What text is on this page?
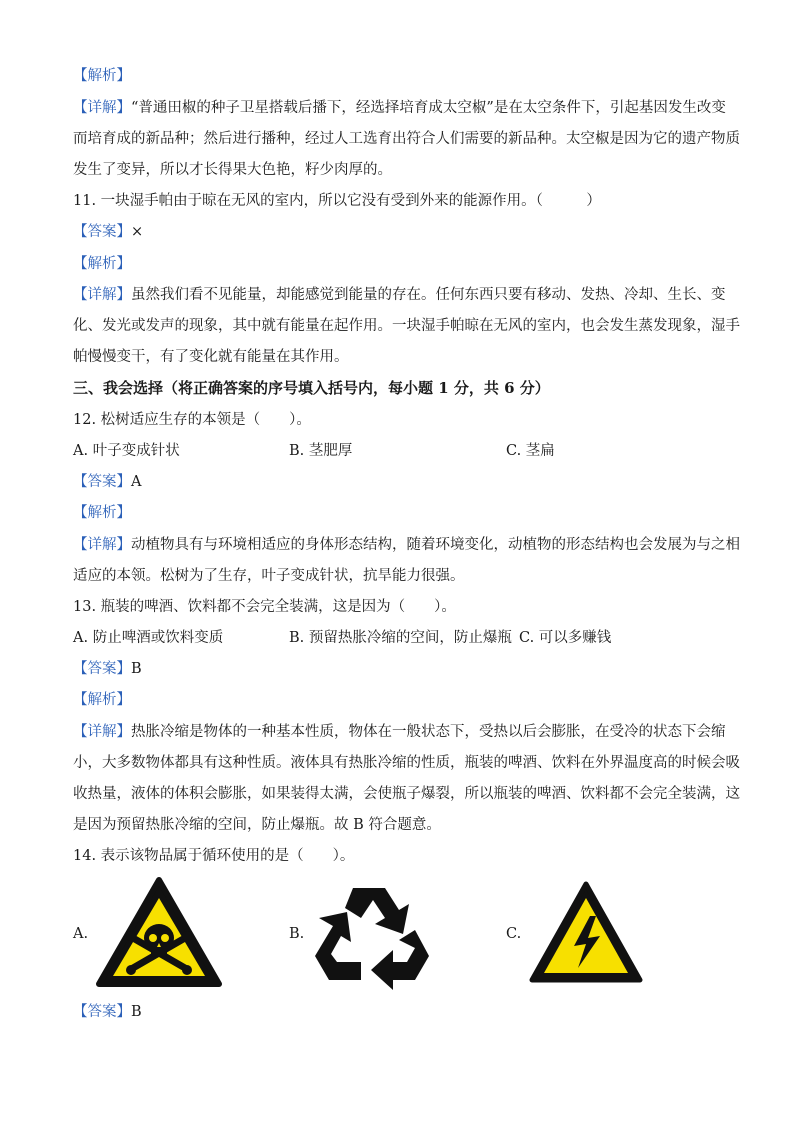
【解析】
【详解】“普通田椒的种子卫星搭载后播下，经选择培育成太空椒”是在太空条件下，引起基因发生改变
而培育成的新品种；然后进行播种，经过人工选育出符合人们需要的新品种。太空椒是因为它的遗产物质
发生了变异，所以才长得果大色艳，籽少肉厚的。
11. 一块湿手帕由于晾在无风的室内，所以它没有受到外来的能源作用。（　　　）
【答案】×
【解析】
【详解】虽然我们看不见能量，却能感觉到能量的存在。任何东西只要有移动、发热、冷却、生长、变
化、发光或发声的现象，其中就有能量在起作用。一块湿手帕晾在无风的室内，也会发生蒸发现象，湿手
帕慢慢变干，有了变化就有能量在其作用。
三、我会选择（将正确答案的序号填入括号内，每小题 1 分，共 6 分）
12. 松树适应生存的本领是（　　）。
A. 叶子变成针状	B. 茎肥厚	C. 茎扁
【答案】A
【解析】
【详解】动植物具有与环境相适应的身体形态结构，随着环境变化，动植物的形态结构也会发展为与之相
适应的本领。松树为了生存，叶子变成针状，抗旱能力很强。
13. 瓶装的啤酒、饮料都不会完全装满，这是因为（　　）。
A. 防止啤酒或饮料变质	B. 预留热胀冷缩的空间，防止爆瓶 C. 可以多赚钱
【答案】B
【解析】
【详解】热胀冷缩是物体的一种基本性质，物体在一般状态下，受热以后会膨胀，在受冷的状态下会缩
小，大多数物体都具有这种性质。液体具有热胀冷缩的性质，瓶装的啤酒、饮料在外界温度高的时候会吸
收热量，液体的体积会膨胀，如果装得太满，会使瓶子爆裂，所以瓶装的啤酒、饮料都不会完全装满，这
是因为预留热胀冷缩的空间，防止爆瓶。故 B 符合题意。
14. 表示该物品属于循环使用的是（　　）。
A.	B.	C.
【答案】B
